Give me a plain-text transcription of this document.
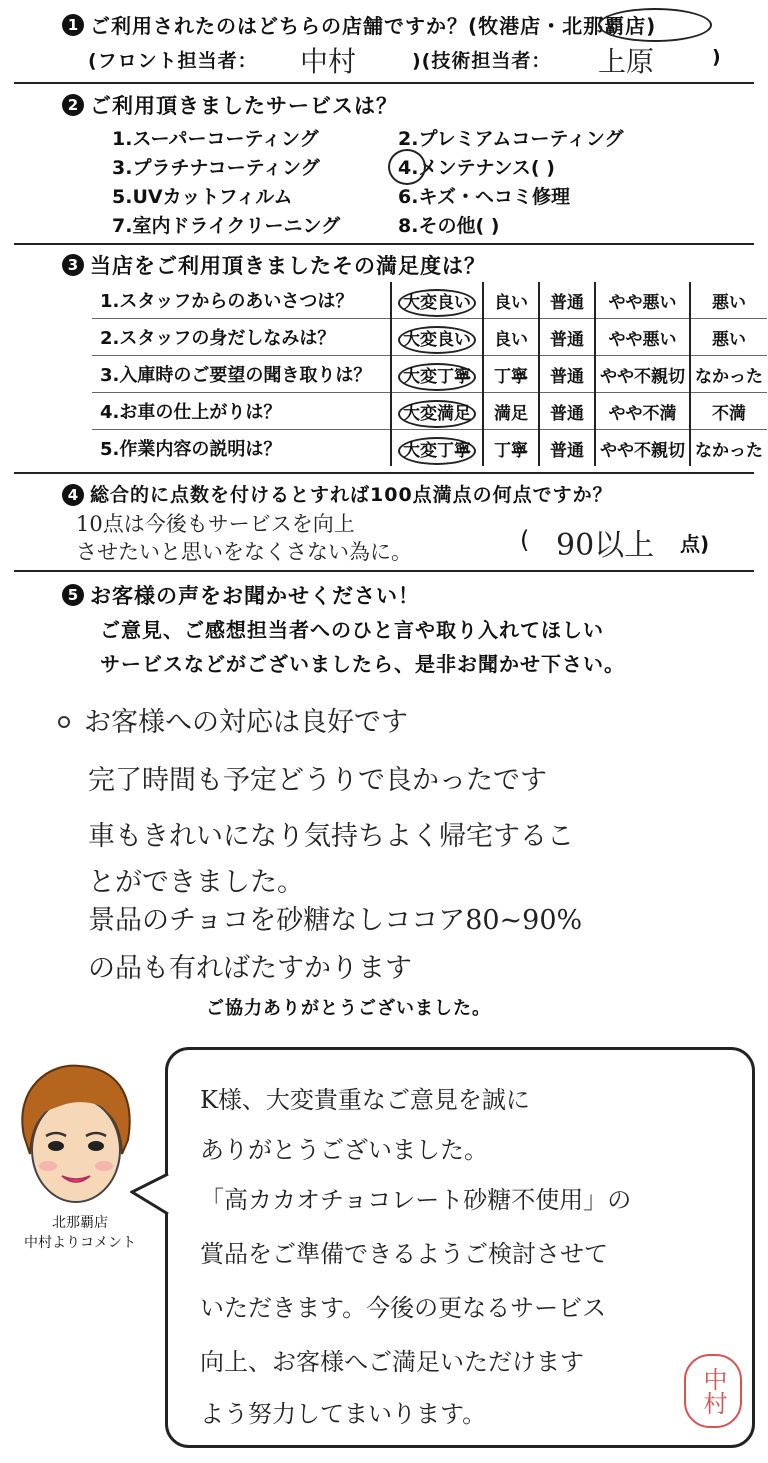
1 ご利用されたのはどちらの店舗ですか？(牧港店・北那覇店)
(フロント担当者： 中村	)(技術担当者： 上原	)
2 ご利用頂きましたサービスは？
1.スーパーコーティング	2.プレミアムコーティング
3.プラチナコーティング	4.メンテナンス( )
5.UVカットフィルム	6.キズ・ヘコミ修理
7.室内ドライクリーニング	8.その他( )
3 当店をご利用頂きましたその満足度は？
1.スタッフからのあいさつは？	大変良い	良い	普通	やや悪い	悪い
2.スタッフの身だしなみは？	大変良い	良い	普通	やや悪い	悪い
3.入庫時のご要望の聞き取りは？	大変丁寧	丁寧	普通	やや不親切	なかった
4.お車の仕上がりは？	大変満足	満足	普通	やや不満	不満
5.作業内容の説明は？	大変丁寧	丁寧	普通	やや不親切	なかった
4 総合的に点数を付けるとすれば100点満点の何点ですか？
10点は今後もサービスを向上
させたいと思いをなくさない為に。	( 90以上 点)
5 お客様の声をお聞かせください！
ご意見、ご感想担当者へのひと言や取り入れてほしい
サービスなどがございましたら、是非お聞かせ下さい。
お客様への対応は良好です
完了時間も予定どうりで良かったです
車もきれいになり気持ちよく帰宅するこ
とができました。
景品のチョコを砂糖なしココア80~90%
の品も有ればたすかります
ご協力ありがとうございました。
北那覇店
中村よりコメント
K様、大変貴重なご意見を誠に
ありがとうございました。
「高カカオチョコレート砂糖不使用」の
賞品をご準備できるようご検討させて
いただきます。今後の更なるサービス
向上、お客様へご満足いただけます
よう努力してまいります。	中村
